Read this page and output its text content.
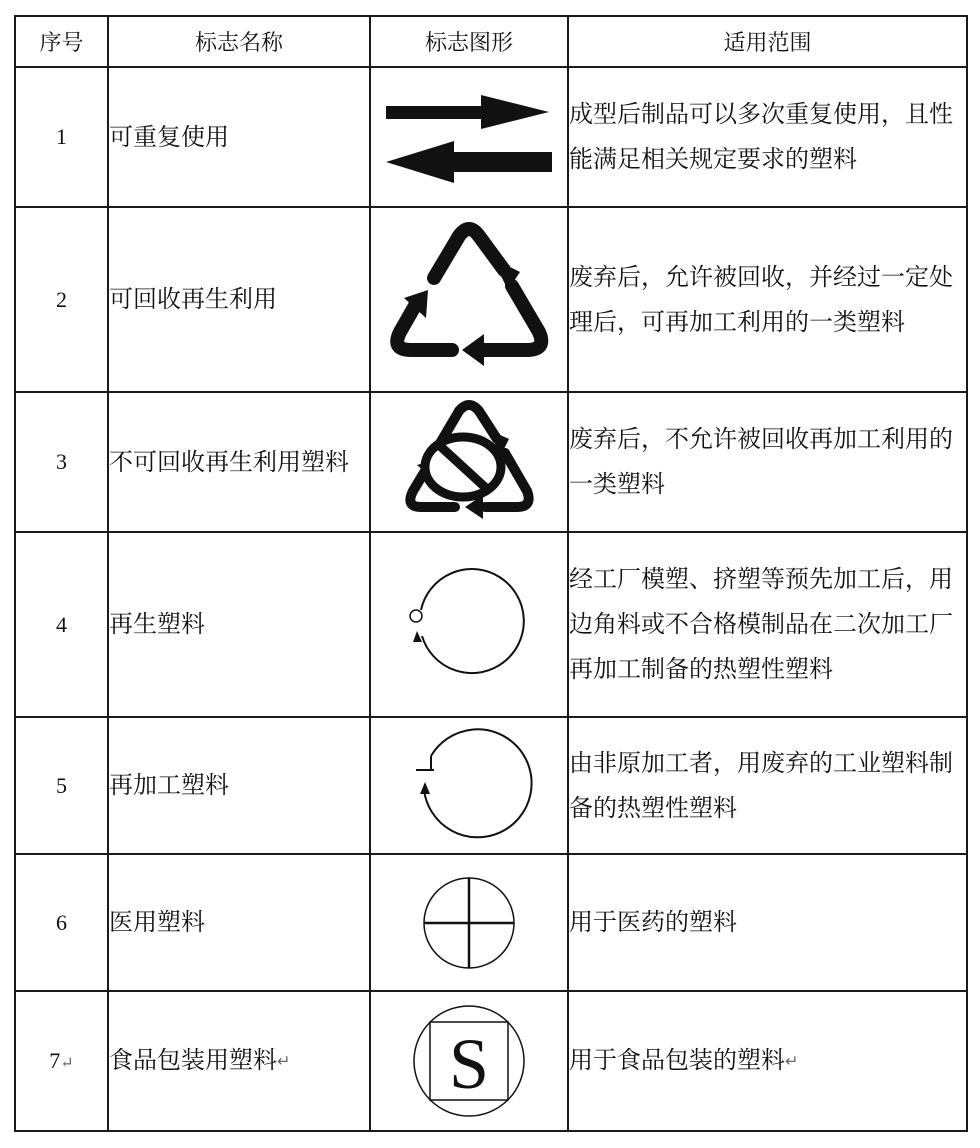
序号	标志名称	标志图形	适用范围
1	可重复使用		成型后制品可以多次重复使用，且性能满足相关规定要求的塑料
2	可回收再生利用		废弃后，允许被回收，并经过一定处理后，可再加工利用的一类塑料
3	不可回收再生利用塑料		废弃后，不允许被回收再加工利用的一类塑料
4	再生塑料		经工厂模塑、挤塑等预先加工后，用边角料或不合格模制品在二次加工厂再加工制备的热塑性塑料
5	再加工塑料		由非原加工者，用废弃的工业塑料制备的热塑性塑料
6	医用塑料		用于医药的塑料
7↵	食品包装用塑料↵	S	用于食品包装的塑料↵
